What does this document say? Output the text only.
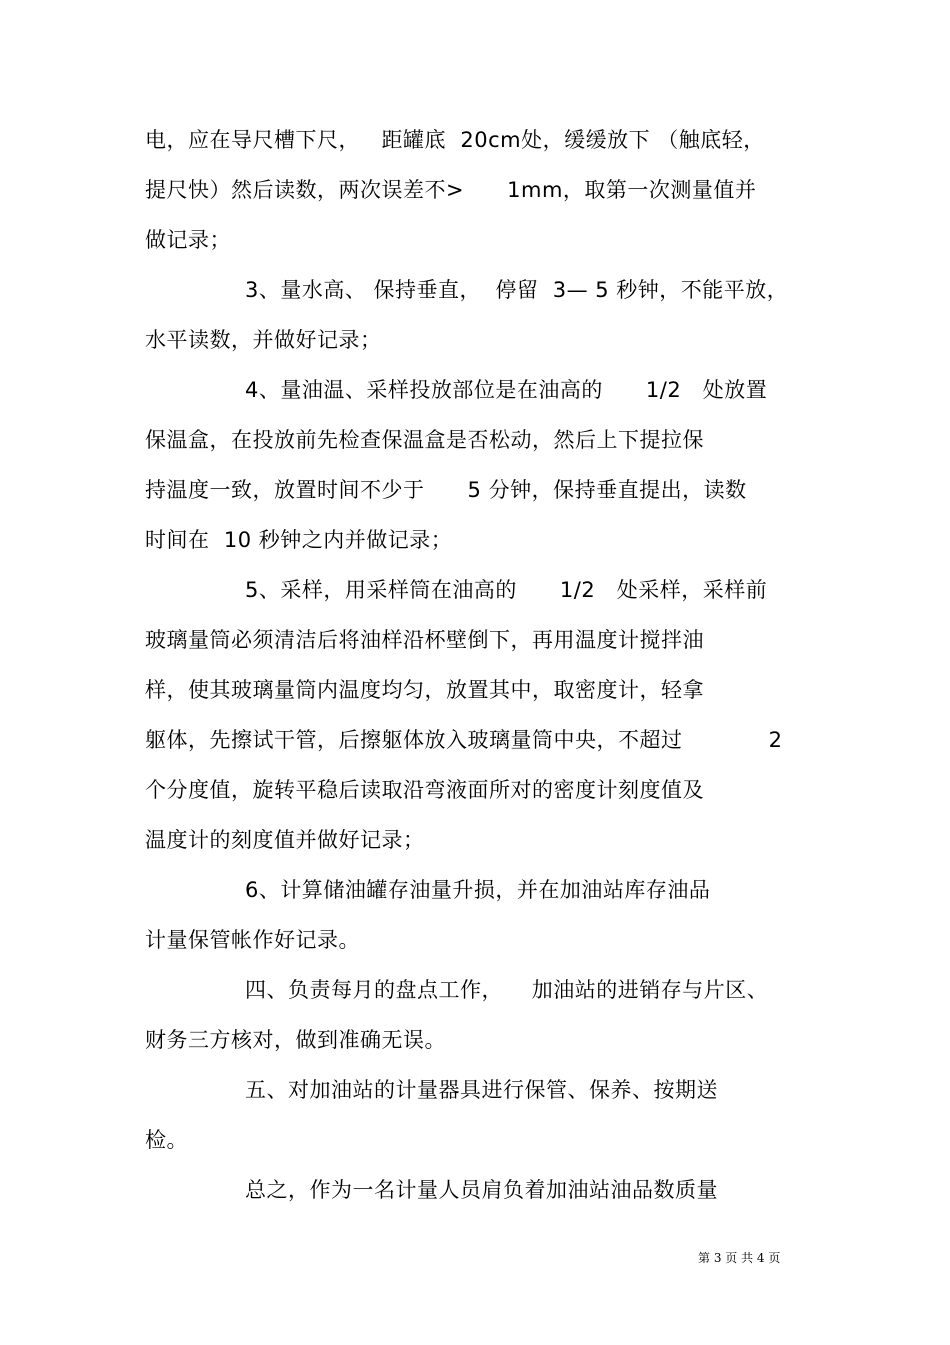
电，应在导尺槽下尺，   距罐底  20cm处，缓缓放下 （触底轻，
提尺快）然后读数，两次误差不>      1mm，取第一次测量值并
做记录；
3、量水高、 保持垂直，  停留  3— 5 秒钟，不能平放，
水平读数，并做好记录；
4、量油温、采样投放部位是在油高的      1/2   处放置
保温盒，在投放前先检查保温盒是否松动，然后上下提拉保
持温度一致，放置时间不少于      5 分钟，保持垂直提出，读数
时间在  10 秒钟之内并做记录；
5、采样，用采样筒在油高的      1/2   处采样，采样前
玻璃量筒必须清洁后将油样沿杯壁倒下，再用温度计搅拌油
样，使其玻璃量筒内温度均匀，放置其中，取密度计，轻拿
躯体，先擦试干管，后擦躯体放入玻璃量筒中央，不超过            2
个分度值，旋转平稳后读取沿弯液面所对的密度计刻度值及
温度计的刻度值并做好记录；
6、计算储油罐存油量升损，并在加油站库存油品
计量保管帐作好记录。
四、负责每月的盘点工作，    加油站的进销存与片区、
财务三方核对，做到准确无误。
五、对加油站的计量器具进行保管、保养、按期送
检。
总之，作为一名计量人员肩负着加油站油品数质量
第 3 页 共 4 页
